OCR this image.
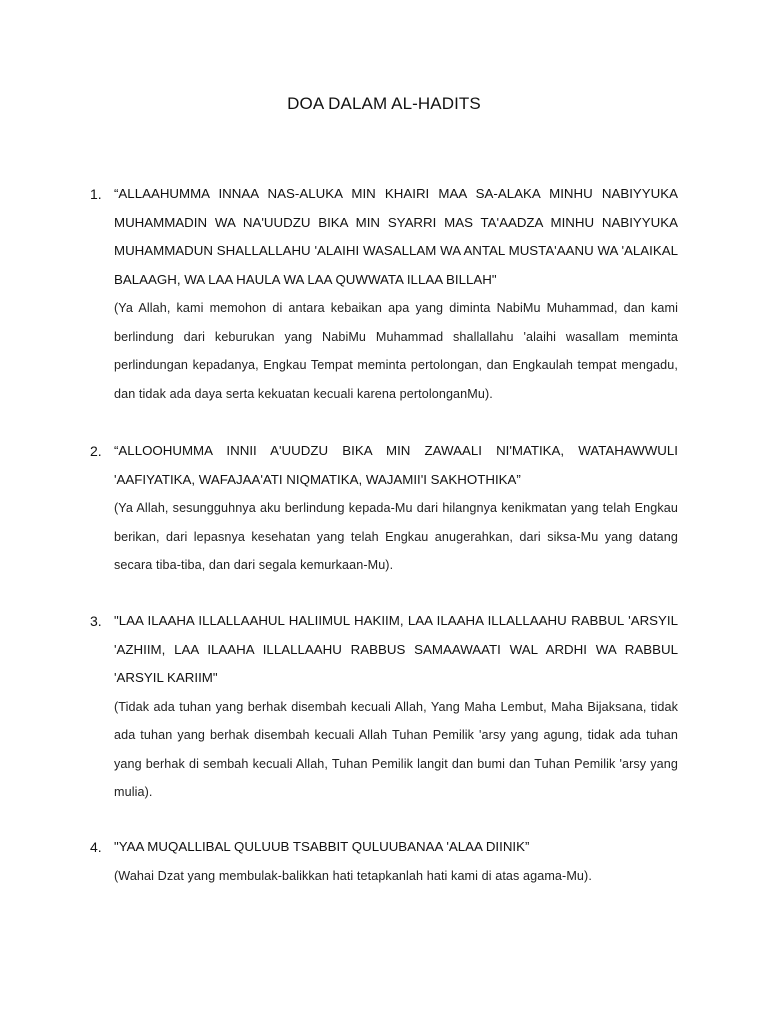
DOA DALAM AL-HADITS
1. “ALLAAHUMMA INNAA NAS-ALUKA MIN KHAIRI MAA SA-ALAKA MINHU NABIYYUKA MUHAMMADIN WA NA'UUDZU BIKA MIN SYARRI MAS TA'AADZA MINHU NABIYYUKA MUHAMMADUN SHALLALLAHU 'ALAIHI WASALLAM WA ANTAL MUSTA'AANU WA 'ALAIKAL BALAAGH, WA LAA HAULA WA LAA QUWWATA ILLAA BILLAH"

(Ya Allah, kami memohon di antara kebaikan apa yang diminta NabiMu Muhammad, dan kami berlindung dari keburukan yang NabiMu Muhammad shallallahu 'alaihi wasallam meminta perlindungan kepadanya, Engkau Tempat meminta pertolongan, dan Engkaulah tempat mengadu, dan tidak ada daya serta kekuatan kecuali karena pertolonganMu).

2. “ALLOOHUMMA INNII A'UUDZU BIKA MIN ZAWAALI NI'MATIKA, WATAHAWWULI 'AAFIYATIKA, WAFAJAA'ATI NIQMATIKA, WAJAMII'I SAKHOTHIKA”

(Ya Allah, sesungguhnya aku berlindung kepada-Mu dari hilangnya kenikmatan yang telah Engkau berikan, dari lepasnya kesehatan yang telah Engkau anugerahkan, dari siksa-Mu yang datang secara tiba-tiba, dan dari segala kemurkaan-Mu).

3. "LAA ILAAHA ILLALLAAHUL HALIIMUL HAKIIM, LAA ILAAHA ILLALLAAHU RABBUL 'ARSYIL 'AZHIIM, LAA ILAAHA ILLALLAAHU RABBUS SAMAAWAATI WAL ARDHI WA RABBUL 'ARSYIL KARIIM"

(Tidak ada tuhan yang berhak disembah kecuali Allah, Yang Maha Lembut, Maha Bijaksana, tidak ada tuhan yang berhak disembah kecuali Allah Tuhan Pemilik 'arsy yang agung, tidak ada tuhan yang berhak di sembah kecuali Allah, Tuhan Pemilik langit dan bumi dan Tuhan Pemilik 'arsy yang mulia).

4. "YAA MUQALLIBAL QULUUB TSABBIT QULUUBANAA 'ALAA DIINIK”

(Wahai Dzat yang membulak-balikkan hati tetapkanlah hati kami di atas agama-Mu).
